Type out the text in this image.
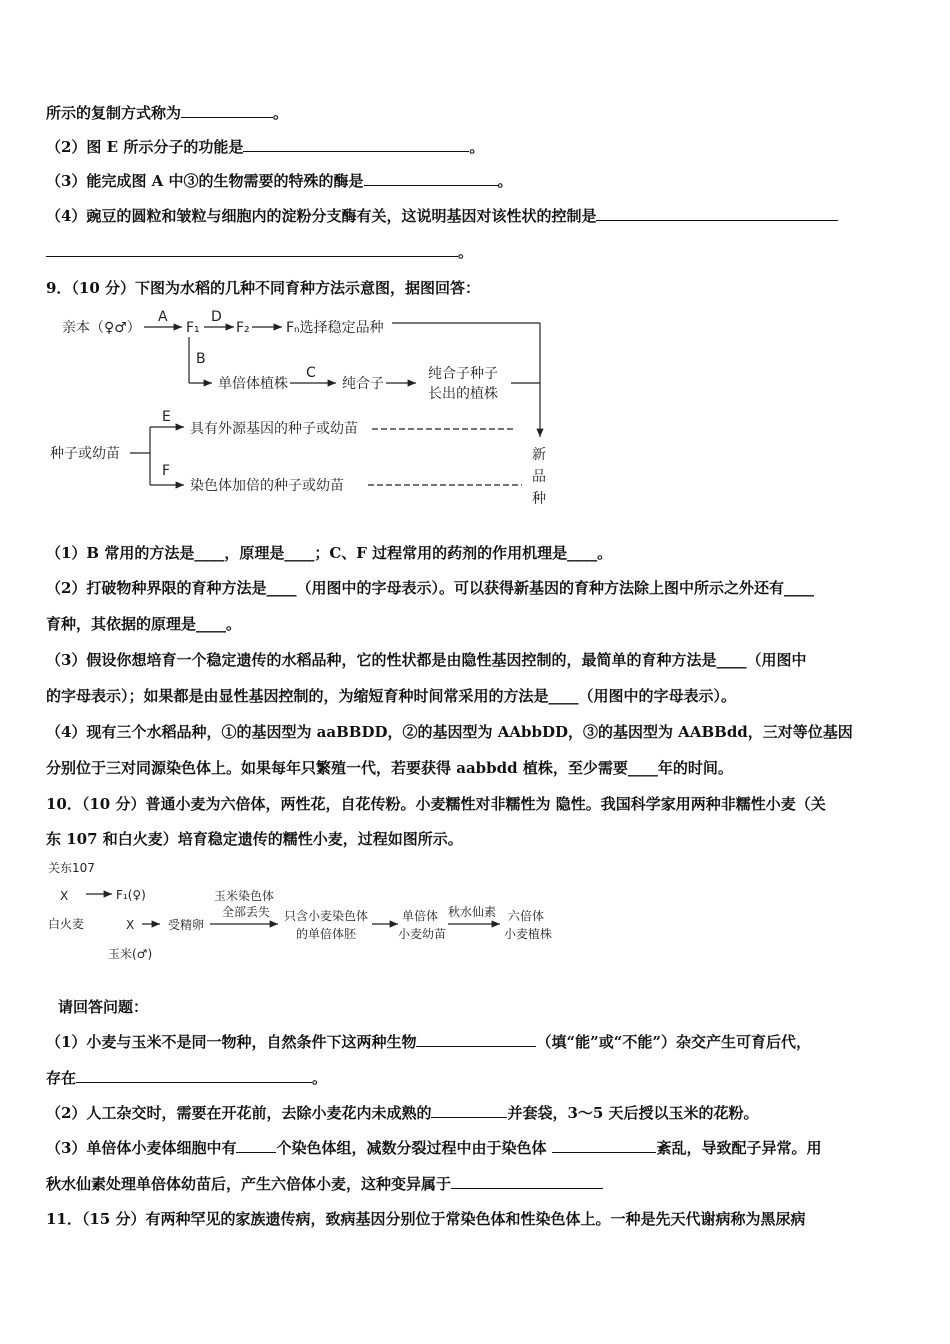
所示的复制方式称为	。
（2）图 E 所示分子的功能是	。
（3）能完成图 A 中③的生物需要的特殊的酶是	。
（4）豌豆的圆粒和皱粒与细胞内的淀粉分支酶有关，这说明基因对该性状的控制是
。
9．（10 分）下图为水稻的几种不同育种方法示意图，据图回答：
亲本（♀♂）
A
F₁
D
F₂	Fₙ选择稳定品种
B
单倍体植株
C
纯合子
纯合子种子
长出的植株
种子或幼苗
E
具有外源基因的种子或幼苗
F
染色体加倍的种子或幼苗
新
品
种
（1）B 常用的方法是____，原理是____；C、F 过程常用的药剂的作用机理是____。
（2）打破物种界限的育种方法是____（用图中的字母表示）。可以获得新基因的育种方法除上图中所示之外还有____
育种，其依据的原理是____。
（3）假设你想培育一个稳定遗传的水稻品种，它的性状都是由隐性基因控制的，最简单的育种方法是____（用图中
的字母表示）；如果都是由显性基因控制的，为缩短育种时间常采用的方法是____（用图中的字母表示）。
（4）现有三个水稻品种，①的基因型为 aaBBDD，②的基因型为 AAbbDD，③的基因型为 AABBdd，三对等位基因
分别位于三对同源染色体上。如果每年只繁殖一代，若要获得 aabbdd 植株，至少需要____年的时间。
10．（10 分）普通小麦为六倍体，两性花，自花传粉。小麦糯性对非糯性为 隐性。我国科学家用两种非糯性小麦（关
东 107 和白火麦）培育稳定遗传的糯性小麦，过程如图所示。
关东107
X	F₁(♀)
白火麦	X	受精卵
玉米(♂)
玉米染色体
全部丢失 只含小麦染色体
的单倍体胚
单倍体
小麦幼苗
秋水仙素 六倍体
小麦植株
请回答问题：
（1）小麦与玉米不是同一物种，自然条件下这两种生物	（填“能”或“不能”）杂交产生可育后代，
存在	。
（2）人工杂交时，需要在开花前，去除小麦花内未成熟的	并套袋，3～5 天后授以玉米的花粉。
（3）单倍体小麦体细胞中有	个染色体组，减数分裂过程中由于染色体	紊乱，导致配子异常。用
秋水仙素处理单倍体幼苗后，产生六倍体小麦，这种变异属于
11．（15 分）有两种罕见的家族遗传病，致病基因分别位于常染色体和性染色体上。一种是先天代谢病称为黑尿病
